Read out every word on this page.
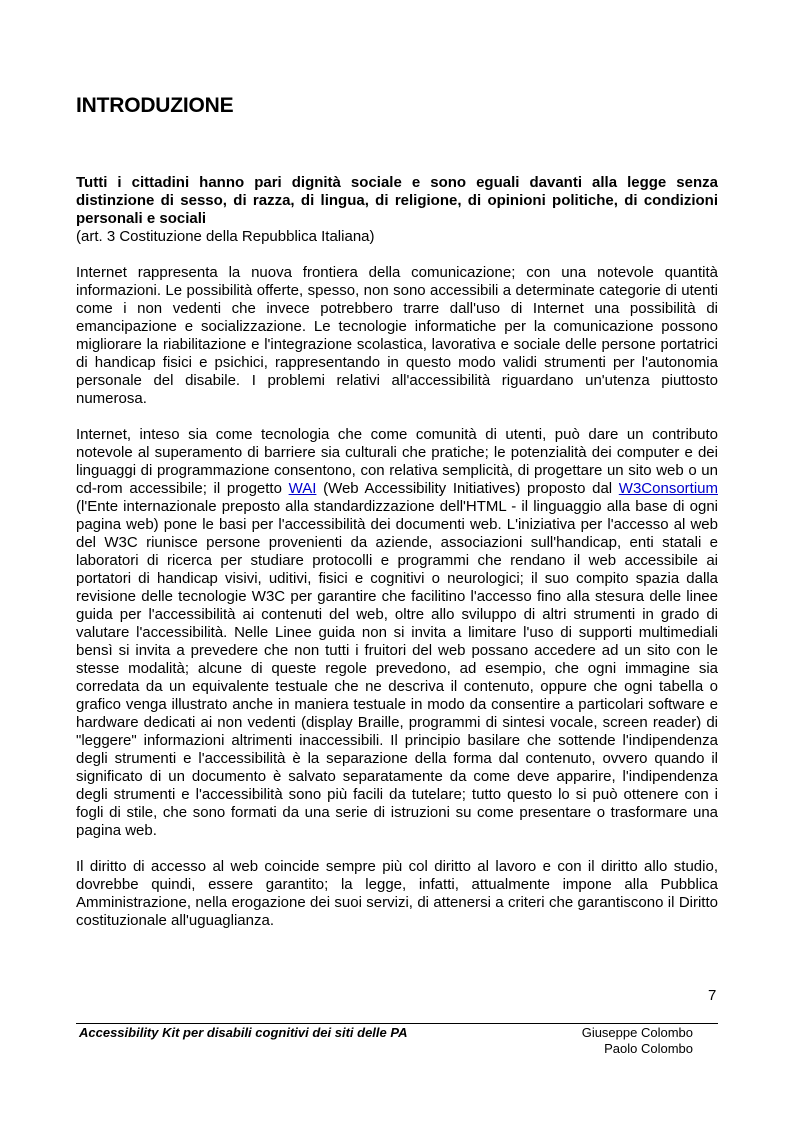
INTRODUZIONE

Tutti i cittadini hanno pari dignità sociale e sono eguali davanti alla legge senza distinzione di sesso, di razza, di lingua, di religione, di opinioni politiche, di condizioni personali e sociali

(art. 3 Costituzione della Repubblica Italiana)

Internet rappresenta la nuova frontiera della comunicazione; con una notevole quantità informazioni. Le possibilità offerte, spesso, non sono accessibili a determinate categorie di utenti come i non vedenti che invece potrebbero trarre dall'uso di Internet una possibilità di emancipazione e socializzazione. Le tecnologie informatiche per la comunicazione possono migliorare la riabilitazione e l'integrazione scolastica, lavorativa e sociale delle persone portatrici di handicap fisici e psichici, rappresentando in questo modo validi strumenti per l'autonomia personale del disabile. I problemi relativi all'accessibilità riguardano un'utenza piuttosto numerosa.

Internet, inteso sia come tecnologia che come comunità di utenti, può dare un contributo notevole al superamento di barriere sia culturali che pratiche; le potenzialità dei computer e dei linguaggi di programmazione consentono, con relativa semplicità, di progettare un sito web o un cd-rom accessibile; il progetto WAI (Web Accessibility Initiatives) proposto dal W3Consortium (l'Ente internazionale preposto alla standardizzazione dell'HTML - il linguaggio alla base di ogni pagina web) pone le basi per l'accessibilità dei documenti web. L'iniziativa per l'accesso al web del W3C riunisce persone provenienti da aziende, associazioni sull'handicap, enti statali e laboratori di ricerca per studiare protocolli e programmi che rendano il web accessibile ai portatori di handicap visivi, uditivi, fisici e cognitivi o neurologici; il suo compito spazia dalla revisione delle tecnologie W3C per garantire che facilitino l'accesso fino alla stesura delle linee guida per l'accessibilità ai contenuti del web, oltre allo sviluppo di altri strumenti in grado di valutare l'accessibilità. Nelle Linee guida non si invita a limitare l'uso di supporti multimediali bensì si invita a prevedere che non tutti i fruitori del web possano accedere ad un sito con le stesse modalità; alcune di queste regole prevedono, ad esempio, che ogni immagine sia corredata da un equivalente testuale che ne descriva il contenuto, oppure che ogni tabella o grafico venga illustrato anche in maniera testuale in modo da consentire a particolari software e hardware dedicati ai non vedenti (display Braille, programmi di sintesi vocale, screen reader) di "leggere" informazioni altrimenti inaccessibili. Il principio basilare che sottende l'indipendenza degli strumenti e l'accessibilità è la separazione della forma dal contenuto, ovvero quando il significato di un documento è salvato separatamente da come deve apparire, l'indipendenza degli strumenti e l'accessibilità sono più facili da tutelare; tutto questo lo si può ottenere con i fogli di stile, che sono formati da una serie di istruzioni su come presentare o trasformare una pagina web.

Il diritto di accesso al web coincide sempre più col diritto al lavoro e con il diritto allo studio, dovrebbe quindi, essere garantito; la legge, infatti, attualmente impone alla Pubblica Amministrazione, nella erogazione dei suoi servizi, di attenersi a criteri che garantiscono il Diritto costituzionale all'uguaglianza.

7
Accessibility Kit per disabili cognitivi dei siti delle PA	Giuseppe Colombo
Paolo Colombo
